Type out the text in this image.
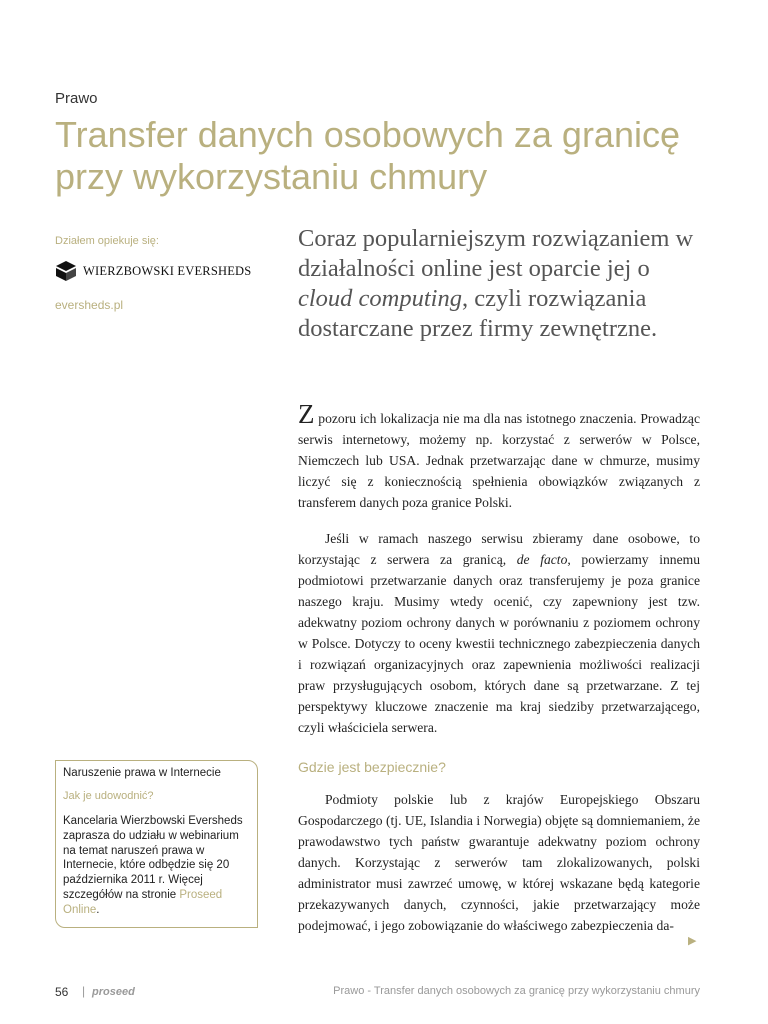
Prawo
Transfer danych osobowych za granicę przy wykorzystaniu chmury
Działem opiekuje się:
WIERZBOWSKI EVERSHEDS
eversheds.pl

Coraz popularniejszym rozwiązaniem w działalności online jest oparcie jej o cloud computing, czyli rozwiązania dostarczane przez firmy zewnętrzne.

Z pozoru ich lokalizacja nie ma dla nas istotnego znaczenia. Prowadząc serwis internetowy, możemy np. korzystać z serwerów w Polsce, Niemczech lub USA. Jednak przetwarzając dane w chmurze, musimy liczyć się z koniecznością spełnienia obowiązków związanych z transferem danych poza granice Polski.

Jeśli w ramach naszego serwisu zbieramy dane osobowe, to korzystając z serwera za granicą, de facto, powierzamy innemu podmiotowi przetwarzanie danych oraz transferujemy je poza granice naszego kraju. Musimy wtedy ocenić, czy zapewniony jest tzw. adekwatny poziom ochrony danych w porównaniu z poziomem ochrony w Polsce. Dotyczy to oceny kwestii technicznego zabezpieczenia danych i rozwiązań organizacyjnych oraz zapewnienia możliwości realizacji praw przysługujących osobom, których dane są przetwarzane. Z tej perspektywy kluczowe znaczenie ma kraj siedziby przetwarzającego, czyli właściciela serwera.

Gdzie jest bezpiecznie?

Podmioty polskie lub z krajów Europejskiego Obszaru Gospodarczego (tj. UE, Islandia i Norwegia) objęte są domniemaniem, że prawodawstwo tych państw gwarantuje adekwatny poziom ochrony danych. Korzystając z serwerów tam zlokalizowanych, polski administrator musi zawrzeć umowę, w której wskazane będą kategorie przekazywanych danych, czynności, jakie przetwarzający może podejmować, i jego zobowiązanie do właściwego zabezpieczenia da-

▶

Naruszenie prawa w Internecie

Jak je udowodnić?

Kancelaria Wierzbowski Eversheds zaprasza do udziału w webinarium na temat naruszeń prawa w Internecie, które odbędzie się 20 października 2011 r. Więcej szczegółów na stronie Proseed Online.

56 | proseed	Prawo - Transfer danych osobowych za granicę przy wykorzystaniu chmury
